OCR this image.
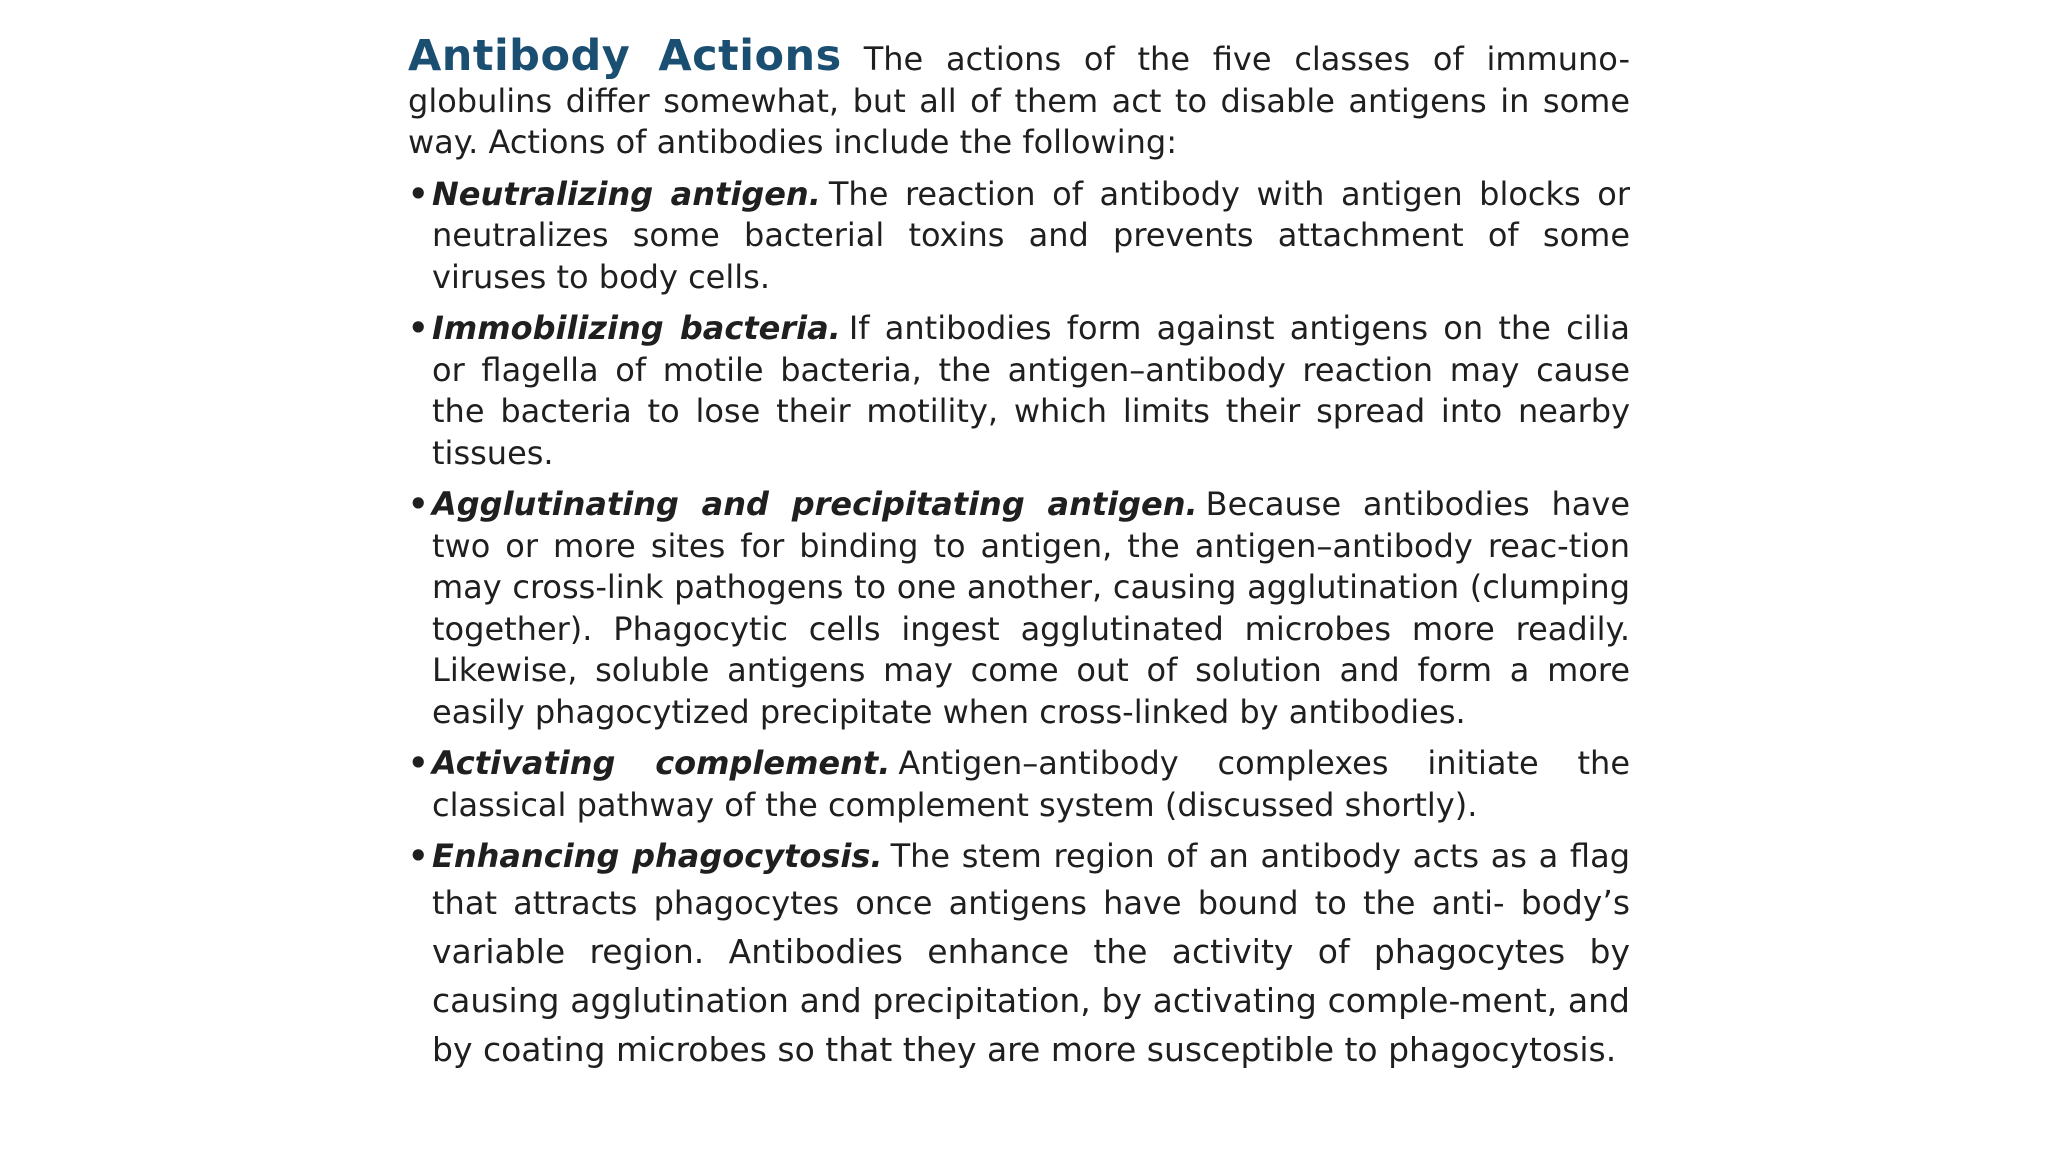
Antibody Actions The actions of the five classes of immuno-globulins differ somewhat, but all of them act to disable antigens in some way. Actions of antibodies include the following:

• Neutralizing antigen. The reaction of antibody with antigen blocks or neutralizes some bacterial toxins and prevents attachment of some viruses to body cells.
• Immobilizing bacteria. If antibodies form against antigens on the cilia or flagella of motile bacteria, the antigen–antibody reaction may cause the bacteria to lose their motility, which limits their spread into nearby tissues.
• Agglutinating and precipitating antigen. Because antibodies have two or more sites for binding to antigen, the antigen–antibody reac-tion may cross-link pathogens to one another, causing agglutination (clumping together). Phagocytic cells ingest agglutinated microbes more readily. Likewise, soluble antigens may come out of solution and form a more easily phagocytized precipitate when cross-linked by antibodies.
• Activating complement. Antigen–antibody complexes initiate the classical pathway of the complement system (discussed shortly).
• Enhancing phagocytosis. The stem region of an antibody acts as a flag that attracts phagocytes once antigens have bound to the anti- body’s variable region. Antibodies enhance the activity of phagocytes by causing agglutination and precipitation, by activating comple-ment, and by coating microbes so that they are more susceptible to phagocytosis.
